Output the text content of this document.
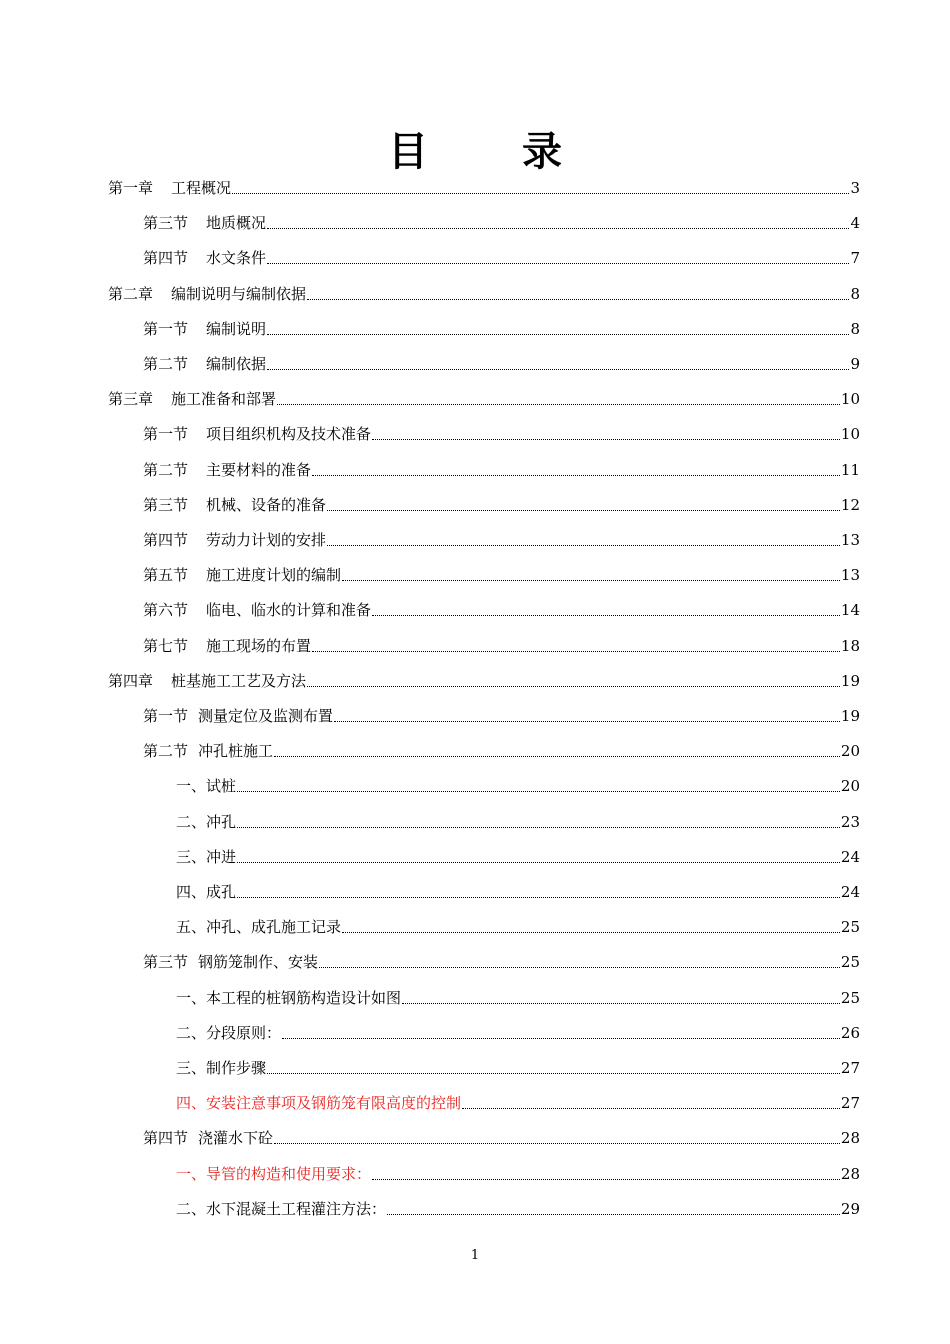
目 录
第一章 工程概况	3
第三节 地质概况	4
第四节 水文条件	7
第二章 编制说明与编制依据	8
第一节 编制说明	8
第二节 编制依据	9
第三章 施工准备和部署	10
第一节 项目组织机构及技术准备	10
第二节 主要材料的准备	11
第三节 机械、设备的准备	12
第四节 劳动力计划的安排	13
第五节 施工进度计划的编制	13
第六节 临电、临水的计算和准备	14
第七节 施工现场的布置	18
第四章 桩基施工工艺及方法	19
第一节 测量定位及监测布置	19
第二节 冲孔桩施工	20
一、试桩	20
二、冲孔	23
三、冲进	24
四、成孔	24
五、冲孔、成孔施工记录	25
第三节 钢筋笼制作、安装	25
一、本工程的桩钢筋构造设计如图	25
二、分段原则：	26
三、制作步骤	27
四、安装注意事项及钢筋笼有限高度的控制	27
第四节 浇灌水下砼	28
一、导管的构造和使用要求：	28
二、水下混凝土工程灌注方法：	29
1
